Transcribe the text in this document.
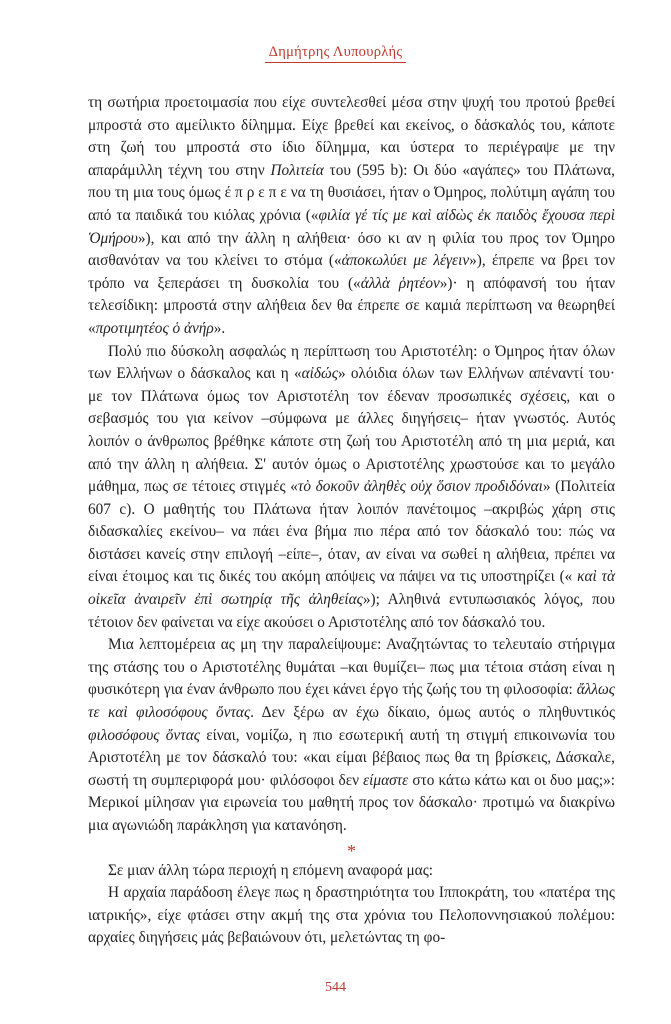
Δημήτρης Λυπουρλής

τη σωτήρια προετοιμασία που είχε συντελεσθεί μέσα στην ψυχή του προτού βρεθεί μπροστά στο αμείλικτο δίλημμα. Είχε βρεθεί και εκείνος, ο δάσκαλός του, κάποτε στη ζωή του μπροστά στο ίδιο δίλημμα, και ύστερα το περιέγραψε με την απαράμιλλη τέχνη του στην Πολιτεία του (595 b): Οι δύο «αγάπες» του Πλάτωνα, που τη μια τους όμως έ π ρ ε π ε να τη θυσιάσει, ήταν ο Όμηρος, πολύτιμη αγάπη του από τα παιδικά του κιόλας χρόνια («φιλία γέ τίς με καὶ αἰδὼς ἐκ παιδὸς ἔχουσα περὶ Ὁμήρου»), και από την άλλη η αλήθεια· όσο κι αν η φιλία του προς τον Όμηρο αισθανόταν να του κλείνει το στόμα («ἀποκωλύει με λέγειν»), έπρεπε να βρει τον τρόπο να ξεπεράσει τη δυσκολία του («ἀλλὰ ῥητέον»)· η απόφανσή του ήταν τελεσίδικη: μπροστά στην αλήθεια δεν θα έπρεπε σε καμιά περίπτωση να θεωρηθεί «προτιμητέος ὁ ἀνήρ».

Πολύ πιο δύσκολη ασφαλώς η περίπτωση του Αριστοτέλη: ο Όμηρος ήταν όλων των Ελλήνων ο δάσκαλος και η «αἰδώς» ολόιδια όλων των Ελλήνων απέναντί του· με τον Πλάτωνα όμως τον Αριστοτέλη τον έδεναν προσωπικές σχέσεις, και ο σεβασμός του για κείνον –σύμφωνα με άλλες διηγήσεις– ήταν γνωστός. Αυτός λοιπόν ο άνθρωπος βρέθηκε κάποτε στη ζωή του Αριστοτέλη από τη μια μεριά, και από την άλλη η αλήθεια. Σ' αυτόν όμως ο Αριστοτέλης χρωστούσε και το μεγάλο μάθημα, πως σε τέτοιες στιγμές «τὸ δοκοῦν ἀληθὲς οὐχ ὅσιον προδιδόναι» (Πολιτεία 607 c). Ο μαθητής του Πλάτωνα ήταν λοιπόν πανέτοιμος –ακριβώς χάρη στις διδασκαλίες εκείνου– να πάει ένα βήμα πιο πέρα από τον δάσκαλό του: πώς να διστάσει κανείς στην επιλογή –είπε–, όταν, αν είναι να σωθεί η αλήθεια, πρέπει να είναι έτοιμος και τις δικές του ακόμη απόψεις να πάψει να τις υποστηρίζει (« καὶ τὰ οἰκεῖα ἀναιρεῖν ἐπὶ σωτηρίᾳ τῆς ἀληθείας»); Αληθινά εντυπωσιακός λόγος, που τέτοιον δεν φαίνεται να είχε ακούσει ο Αριστοτέλης από τον δάσκαλό του.

Μια λεπτομέρεια ας μη την παραλείψουμε: Αναζητώντας το τελευταίο στήριγμα της στάσης του ο Αριστοτέλης θυμάται –και θυμίζει– πως μια τέτοια στάση είναι η φυσικότερη για έναν άνθρωπο που έχει κάνει έργο τής ζωής του τη φιλοσοφία: ἄλλως τε καὶ φιλοσόφους ὄντας. Δεν ξέρω αν έχω δίκαιο, όμως αυτός ο πληθυντικός φιλοσόφους ὄντας είναι, νομίζω, η πιο εσωτερική αυτή τη στιγμή επικοινωνία του Αριστοτέλη με τον δάσκαλό του: «και είμαι βέβαιος πως θα τη βρίσκεις, Δάσκαλε, σωστή τη συμπεριφορά μου· φιλόσοφοι δεν είμαστε στο κάτω κάτω και οι δυο μας;»: Μερικοί μίλησαν για ειρωνεία του μαθητή προς τον δάσκαλο· προτιμώ να διακρίνω μια αγωνιώδη παράκληση για κατανόηση.

*

Σε μιαν άλλη τώρα περιοχή η επόμενη αναφορά μας:

Η αρχαία παράδοση έλεγε πως η δραστηριότητα του Ιπποκράτη, του «πατέρα της ιατρικής», είχε φτάσει στην ακμή της στα χρόνια του Πελοποννησιακού πολέμου: αρχαίες διηγήσεις μάς βεβαιώνουν ότι, μελετώντας τη φο-

544
